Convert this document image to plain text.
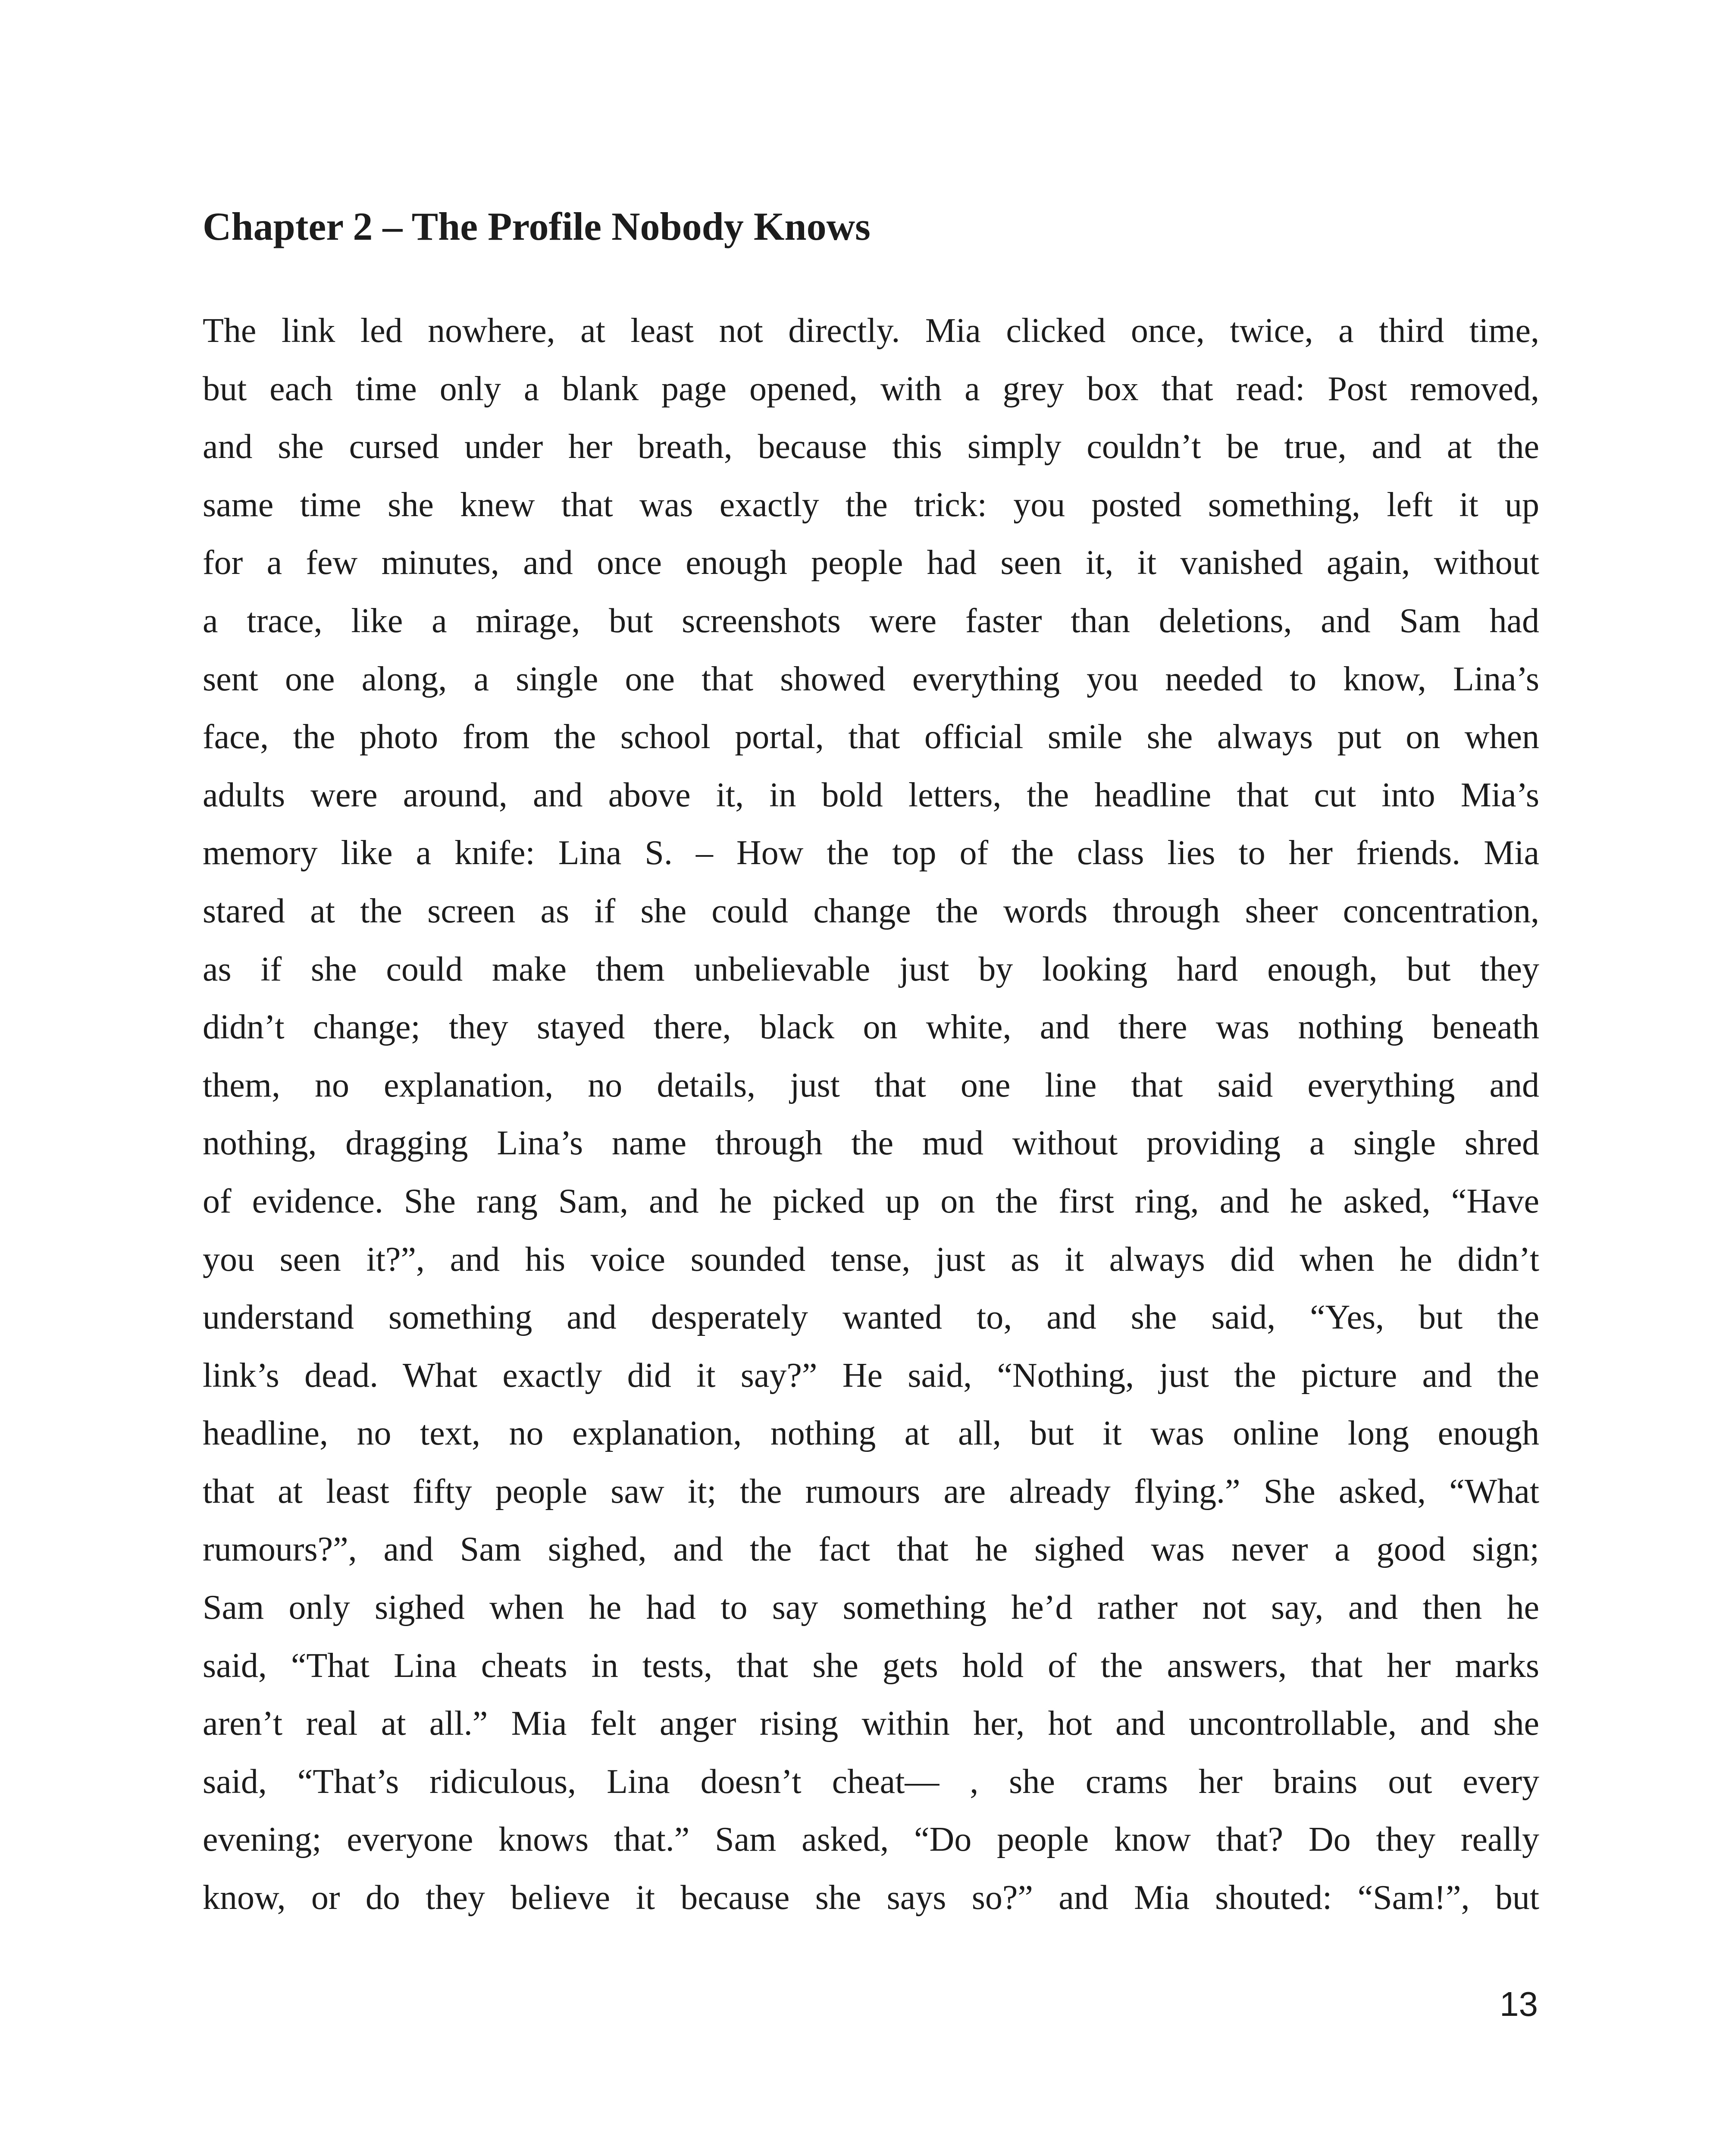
Chapter 2 – The Profile Nobody Knows
The link led nowhere, at least not directly. Mia clicked once, twice, a third time,
but each time only a blank page opened, with a grey box that read: Post removed,
and she cursed under her breath, because this simply couldn’t be true, and at the
same time she knew that was exactly the trick: you posted something, left it up
for a few minutes, and once enough people had seen it, it vanished again, without
a trace, like a mirage, but screenshots were faster than deletions, and Sam had
sent one along, a single one that showed everything you needed to know, Lina’s
face, the photo from the school portal, that official smile she always put on when
adults were around, and above it, in bold letters, the headline that cut into Mia’s
memory like a knife: Lina S. – How the top of the class lies to her friends. Mia
stared at the screen as if she could change the words through sheer concentration,
as if she could make them unbelievable just by looking hard enough, but they
didn’t change; they stayed there, black on white, and there was nothing beneath
them, no explanation, no details, just that one line that said everything and
nothing, dragging Lina’s name through the mud without providing a single shred
of evidence. She rang Sam, and he picked up on the first ring, and he asked, “Have
you seen it?”, and his voice sounded tense, just as it always did when he didn’t
understand something and desperately wanted to, and she said, “Yes, but the
link’s dead. What exactly did it say?” He said, “Nothing, just the picture and the
headline, no text, no explanation, nothing at all, but it was online long enough
that at least fifty people saw it; the rumours are already flying.” She asked, “What
rumours?”, and Sam sighed, and the fact that he sighed was never a good sign;
Sam only sighed when he had to say something he’d rather not say, and then he
said, “That Lina cheats in tests, that she gets hold of the answers, that her marks
aren’t real at all.” Mia felt anger rising within her, hot and uncontrollable, and she
said, “That’s ridiculous, Lina doesn’t cheat— , she crams her brains out every
evening; everyone knows that.” Sam asked, “Do people know that? Do they really
know, or do they believe it because she says so?” and Mia shouted: “Sam!”, but
13
